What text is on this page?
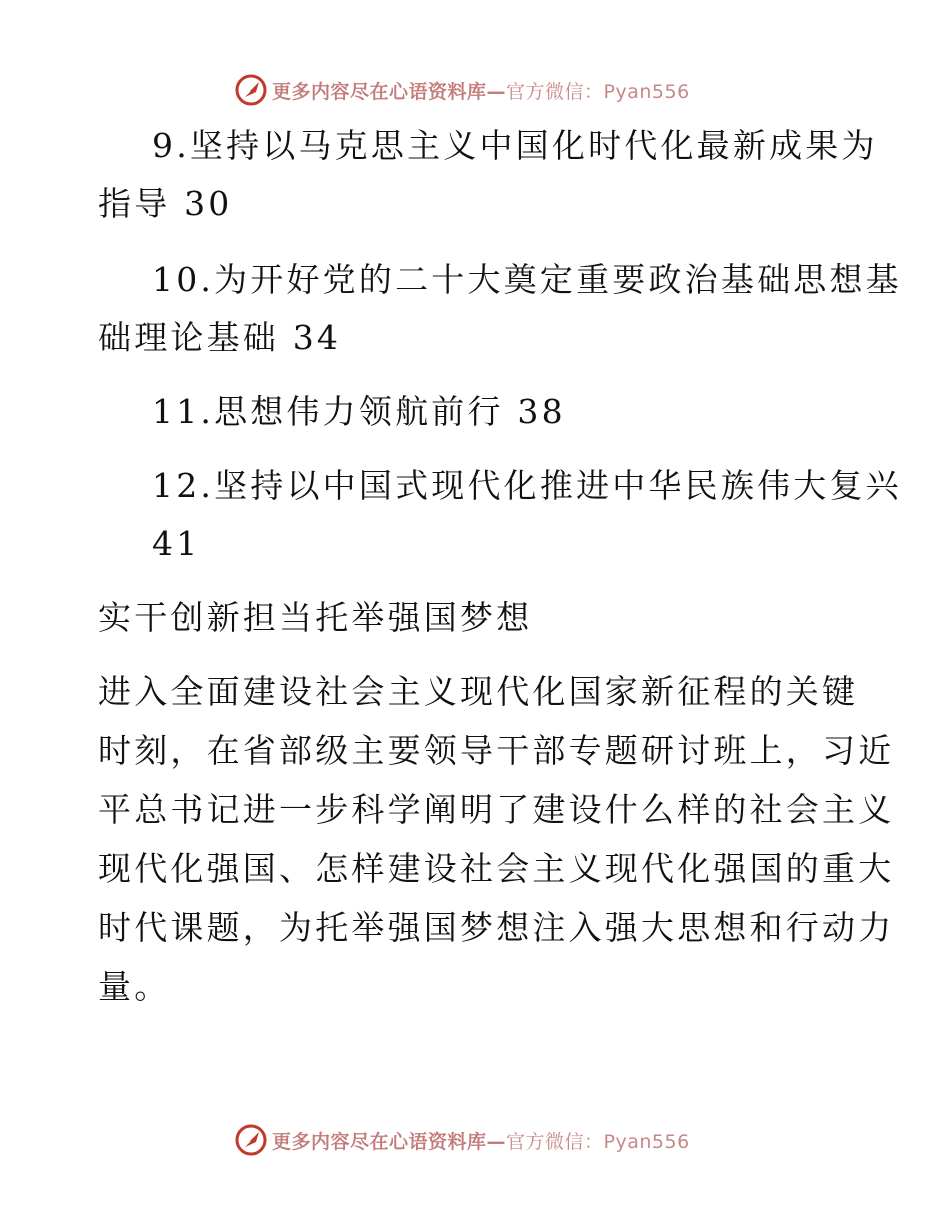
更多内容尽在心语资料库—官方微信：Pyan556
9.坚持以马克思主义中国化时代化最新成果为
指导 30
10.为开好党的二十大奠定重要政治基础思想基
础理论基础 34
11.思想伟力领航前行 38
12.坚持以中国式现代化推进中华民族伟大复兴
41
实干创新担当托举强国梦想
进入全面建设社会主义现代化国家新征程的关键
时刻，在省部级主要领导干部专题研讨班上，习近
平总书记进一步科学阐明了建设什么样的社会主义
现代化强国、怎样建设社会主义现代化强国的重大
时代课题，为托举强国梦想注入强大思想和行动力
量。
更多内容尽在心语资料库—官方微信：Pyan556
